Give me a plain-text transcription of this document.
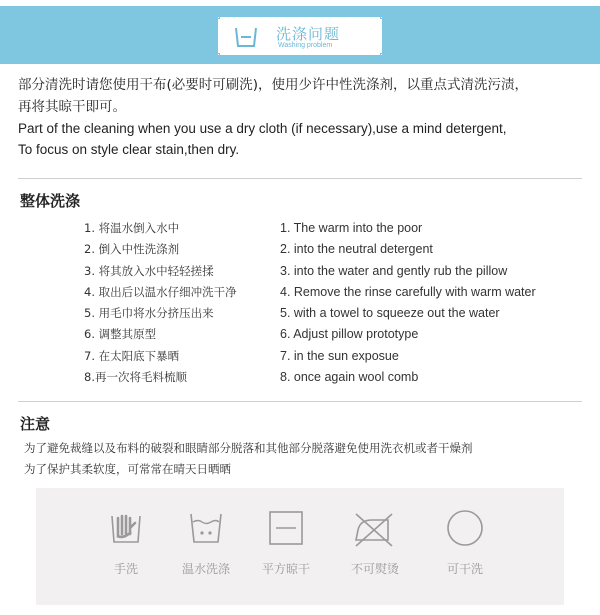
洗涤问题
Washing problem
部分清洗时请您使用干布(必要时可刷洗)，使用少许中性洗涤剂，以重点式清洗污渍，
再将其晾干即可。
Part of the cleaning when you use a dry cloth (if necessary),use a mind detergent,
To focus on style clear stain,then dry.
整体洗涤
1. 将温水倒入水中
2. 倒入中性洗涤剂
3. 将其放入水中轻轻搓揉
4. 取出后以温水仔细冲洗干净
5. 用毛巾将水分挤压出来
6. 调整其原型
7. 在太阳底下暴晒
8.再一次将毛料梳顺
1. The warm into the poor
2. into the neutral detergent
3. into the water and gently rub the pillow
4. Remove the rinse carefully with warm water
5. with a towel to squeeze out the water
6. Adjust pillow prototype
7. in the sun exposue
8. once again wool comb
注意
为了避免裁缝以及布料的破裂和眼睛部分脱落和其他部分脱落避免使用洗衣机或者干燥剂
为了保护其柔软度，可常常在晴天日晒晒
手洗	温水洗涤	平方晾干	不可熨烫	可干洗
